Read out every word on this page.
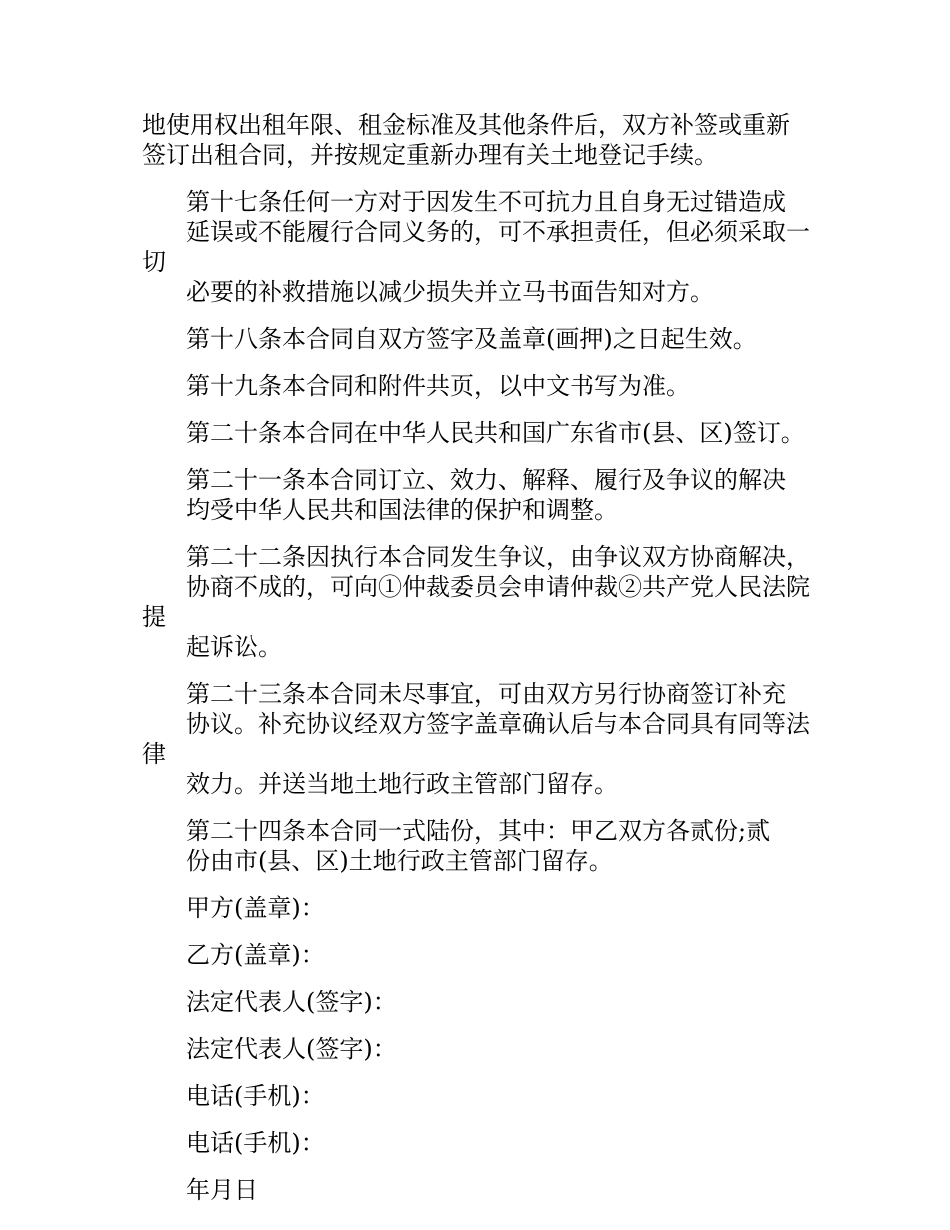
地使用权出租年限、租金标准及其他条件后，双方补签或重新
签订出租合同，并按规定重新办理有关土地登记手续。
第十七条任何一方对于因发生不可抗力且自身无过错造成
延误或不能履行合同义务的，可不承担责任，但必须采取一切
必要的补救措施以减少损失并立马书面告知对方。
第十八条本合同自双方签字及盖章(画押)之日起生效。
第十九条本合同和附件共页，以中文书写为准。
第二十条本合同在中华人民共和国广东省市(县、区)签订。
第二十一条本合同订立、效力、解释、履行及争议的解决
均受中华人民共和国法律的保护和调整。
第二十二条因执行本合同发生争议，由争议双方协商解决，
协商不成的，可向①仲裁委员会申请仲裁②共产党人民法院提
起诉讼。
第二十三条本合同未尽事宜，可由双方另行协商签订补充
协议。补充协议经双方签字盖章确认后与本合同具有同等法律
效力。并送当地土地行政主管部门留存。
第二十四条本合同一式陆份，其中：甲乙双方各贰份;贰
份由市(县、区)土地行政主管部门留存。
甲方(盖章)：
乙方(盖章)：
法定代表人(签字)：
法定代表人(签字)：
电话(手机)：
电话(手机)：
年月日
